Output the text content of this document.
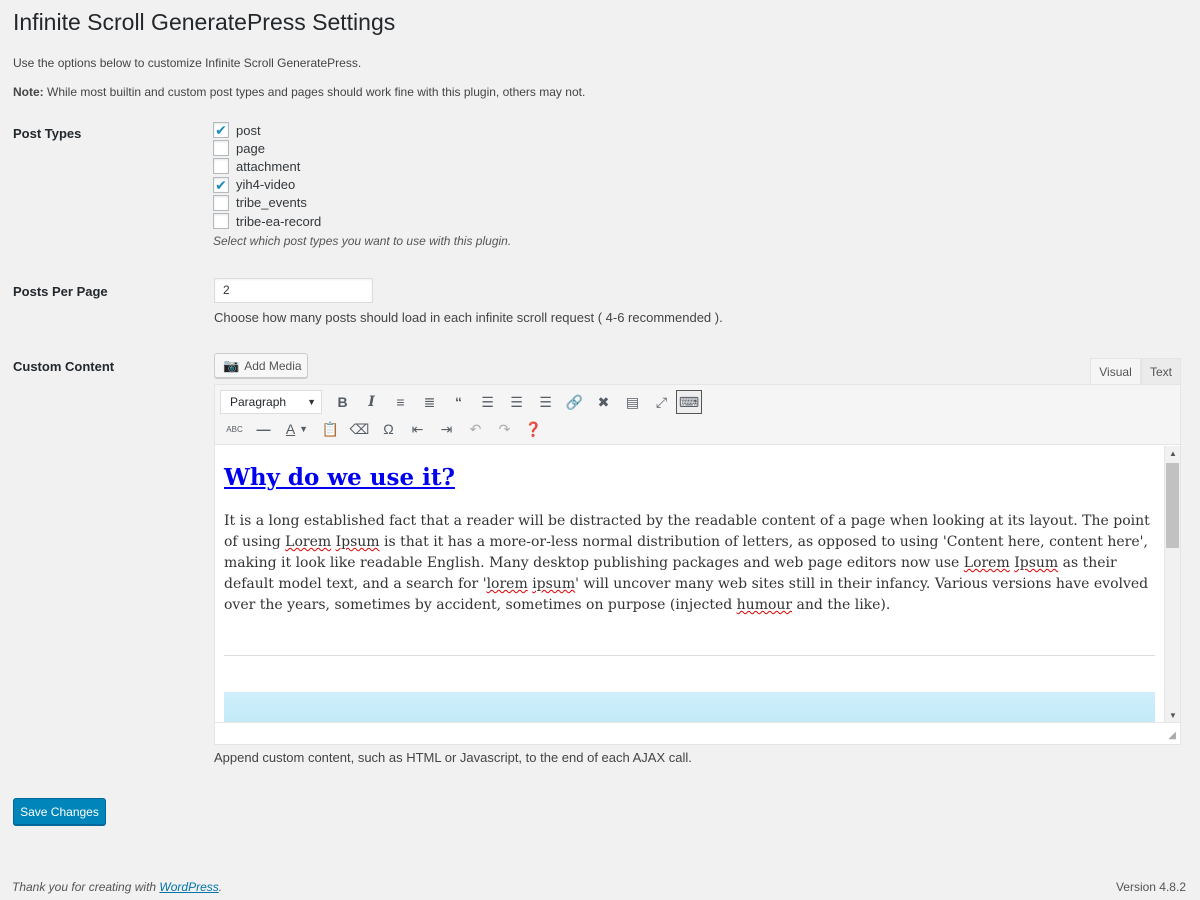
Infinite Scroll GeneratePress Settings
Use the options below to customize Infinite Scroll GeneratePress.
Note: While most builtin and custom post types and pages should work fine with this plugin, others may not.
Post Types	✔ post
page
attachment
✔ yih4-video
tribe_events
tribe-ea-record
Select which post types you want to use with this plugin.
Posts Per Page	2
Choose how many posts should load in each infinite scroll request ( 4-6 recommended ).
Custom Content	📷 Add Media	Visual	Text
Paragraph ▼	B	I	≡	≣	“	☰	☰	☰	🔗	✖	▤	⤢ ⌨
ABC —	A
▼ 📋 ⌫ Ω	⇤	⇥	↶	↷	❓
Why do we use it?

It is a long established fact that a reader will be distracted by the readable content of a page when looking at its layout. The point of using Lorem Ipsum is that it has a more-or-less normal distribution of letters, as opposed to using 'Content here, content here', making it look like readable English. Many desktop publishing packages and web page editors now use Lorem Ipsum as their default model text, and a search for 'lorem ipsum' will uncover many web sites still in their infancy. Various versions have evolved over the years, sometimes by accident, sometimes on purpose (injected humour and the like).

▲
▼
◢
Append custom content, such as HTML or Javascript, to the end of each AJAX call.
Save Changes
Thank you for creating with WordPress.	Version 4.8.2
